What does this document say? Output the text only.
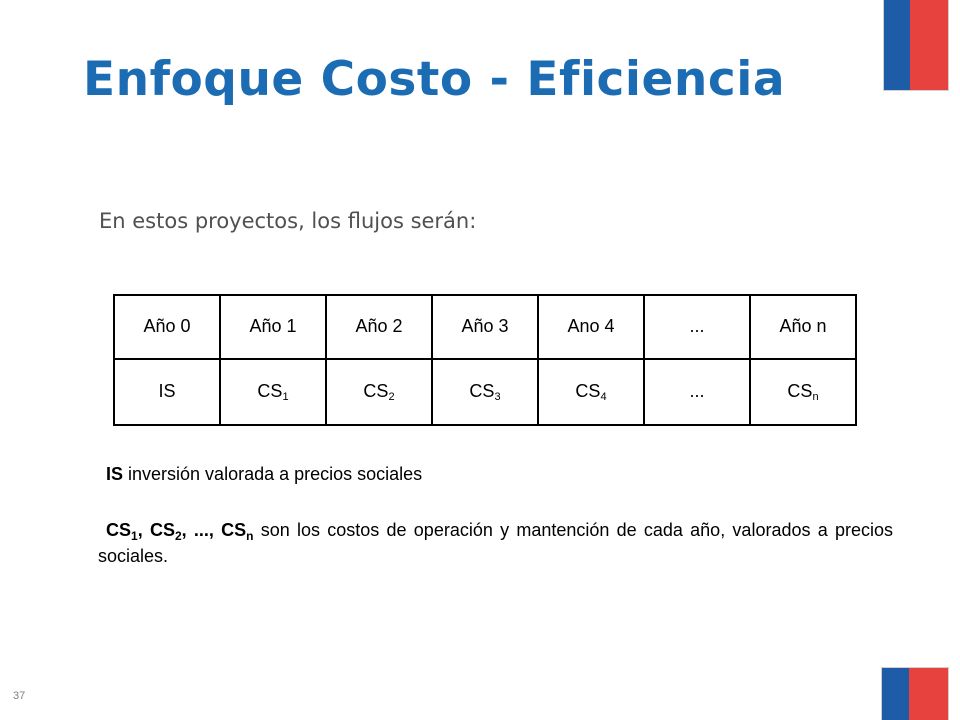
Enfoque Costo - Eficiencia
En estos proyectos, los flujos serán:
Año 0	Año 1	Año 2	Año 3	Ano 4	...	Año n
IS	$CS_1$	$CS_2$	$CS_3$	$CS_4$	...	$CS_n$
IS inversión valorada a precios sociales
$CS_1$, $CS_2$, ..., $CS_n$ son los costos de operación y mantención de cada año, valorados a precios sociales.
37
